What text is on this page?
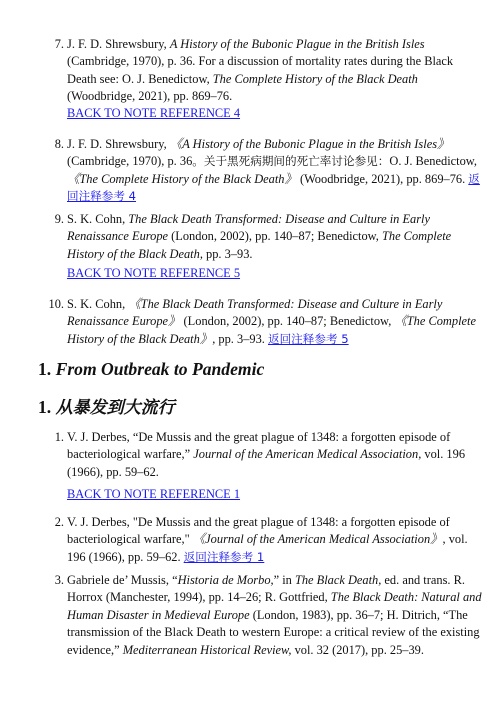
7. J. F. D. Shrewsbury, A History of the Bubonic Plague in the British Isles (Cambridge, 1970), p. 36. For a discussion of mortality rates during the Black Death see: O. J. Benedictow, The Complete History of the Black Death (Woodbridge, 2021), pp. 869–76.
BACK TO NOTE REFERENCE 4
8. J. F. D. Shrewsbury, 《A History of the Bubonic Plague in the British Isles》 (Cambridge, 1970), p. 36。关于黑死病期间的死亡率讨论参见：O. J. Benedictow, 《The Complete History of the Black Death》 (Woodbridge, 2021), pp. 869–76. 返回注释参考 4
9. S. K. Cohn, The Black Death Transformed: Disease and Culture in Early Renaissance Europe (London, 2002), pp. 140–87; Benedictow, The Complete History of the Black Death, pp. 3–93.
BACK TO NOTE REFERENCE 5
10. S. K. Cohn, 《The Black Death Transformed: Disease and Culture in Early Renaissance Europe》 (London, 2002), pp. 140–87; Benedictow, 《The Complete History of the Black Death》, pp. 3–93. 返回注释参考 5
1. From Outbreak to Pandemic
1. 从暴发到大流行
1. V. J. Derbes, “De Mussis and the great plague of 1348: a forgotten episode of bacteriological warfare,” Journal of the American Medical Association, vol. 196 (1966), pp. 59–62.
BACK TO NOTE REFERENCE 1
2. V. J. Derbes, "De Mussis and the great plague of 1348: a forgotten episode of bacteriological warfare," 《Journal of the American Medical Association》, vol. 196 (1966), pp. 59–62. 返回注释参考 1
3. Gabriele de’ Mussis, “Historia de Morbo,” in The Black Death, ed. and trans. R. Horrox (Manchester, 1994), pp. 14–26; R. Gottfried, The Black Death: Natural and Human Disaster in Medieval Europe (London, 1983), pp. 36–7; H. Ditrich, “The transmission of the Black Death to western Europe: a critical review of the existing evidence,” Mediterranean Historical Review, vol. 32 (2017), pp. 25–39.
